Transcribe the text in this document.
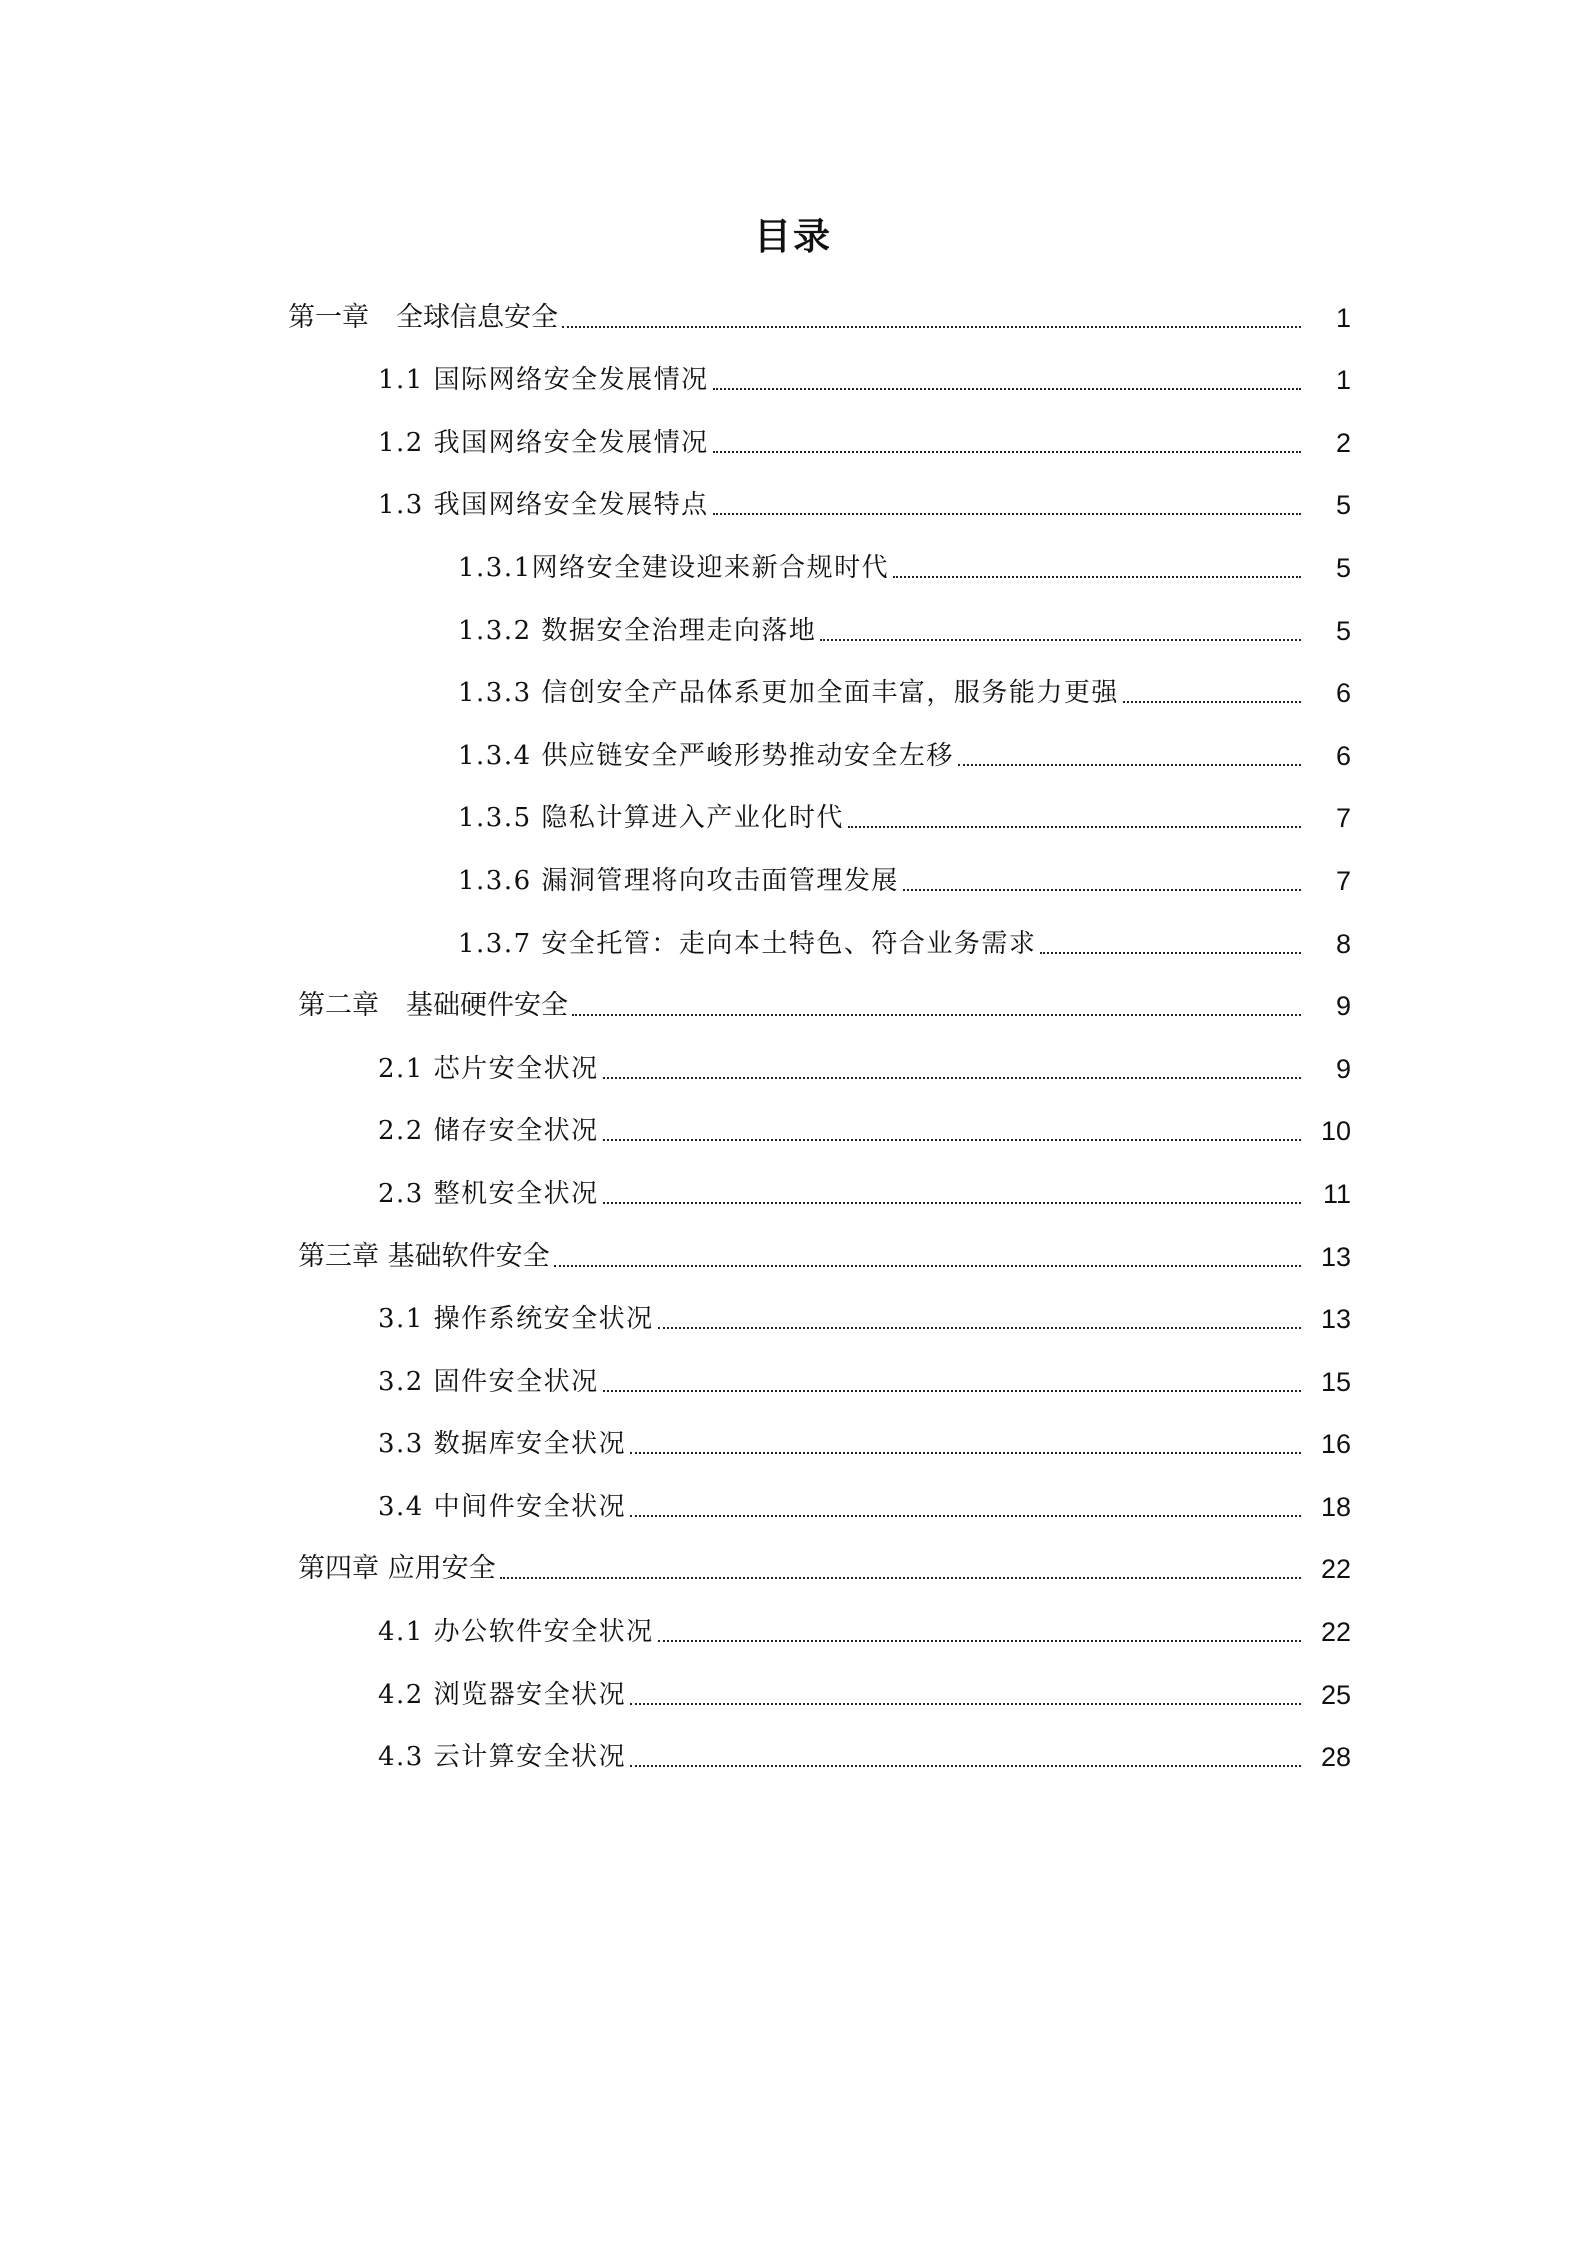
目录
第一章　全球信息安全	1
1.1 国际网络安全发展情况	1
1.2 我国网络安全发展情况	2
1.3 我国网络安全发展特点	5
1.3.1网络安全建设迎来新合规时代	5
1.3.2 数据安全治理走向落地	5
1.3.3 信创安全产品体系更加全面丰富，服务能力更强	6
1.3.4 供应链安全严峻形势推动安全左移	6
1.3.5 隐私计算进入产业化时代	7
1.3.6 漏洞管理将向攻击面管理发展	7
1.3.7 安全托管：走向本土特色、符合业务需求	8
第二章　基础硬件安全	9
2.1 芯片安全状况	9
2.2 储存安全状况	10
2.3 整机安全状况	11
第三章 基础软件安全	13
3.1 操作系统安全状况	13
3.2 固件安全状况	15
3.3 数据库安全状况	16
3.4 中间件安全状况	18
第四章 应用安全	22
4.1 办公软件安全状况	22
4.2 浏览器安全状况	25
4.3 云计算安全状况	28
